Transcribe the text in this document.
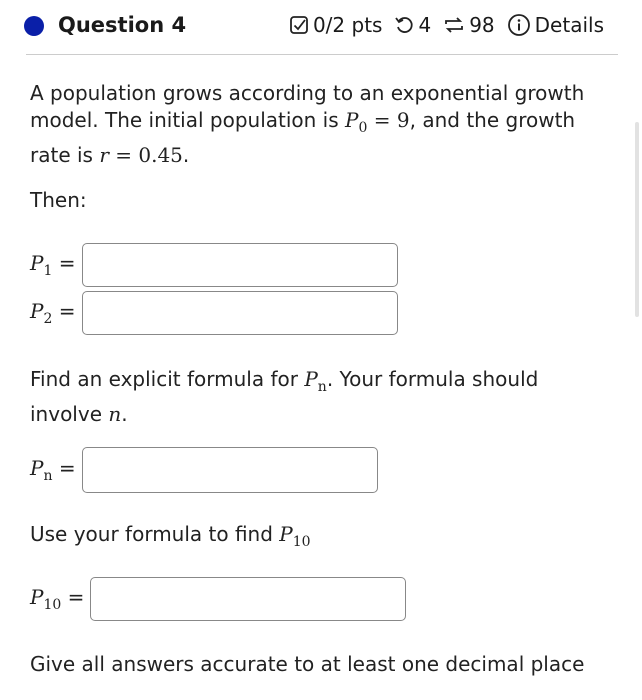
Question 4	0/2 pts 4 98 Details

A population grows according to an exponential growth model. The initial population is $P_0 = 9$, and the growth rate is r = 0.45.

Then:

$P_1$ =
$P_2$ =

Find an explicit formula for $P_n$. Your formula should involve n.

$P_n$ =

Use your formula to find $P_{10}$

$P_{10}$ =

Give all answers accurate to at least one decimal place
